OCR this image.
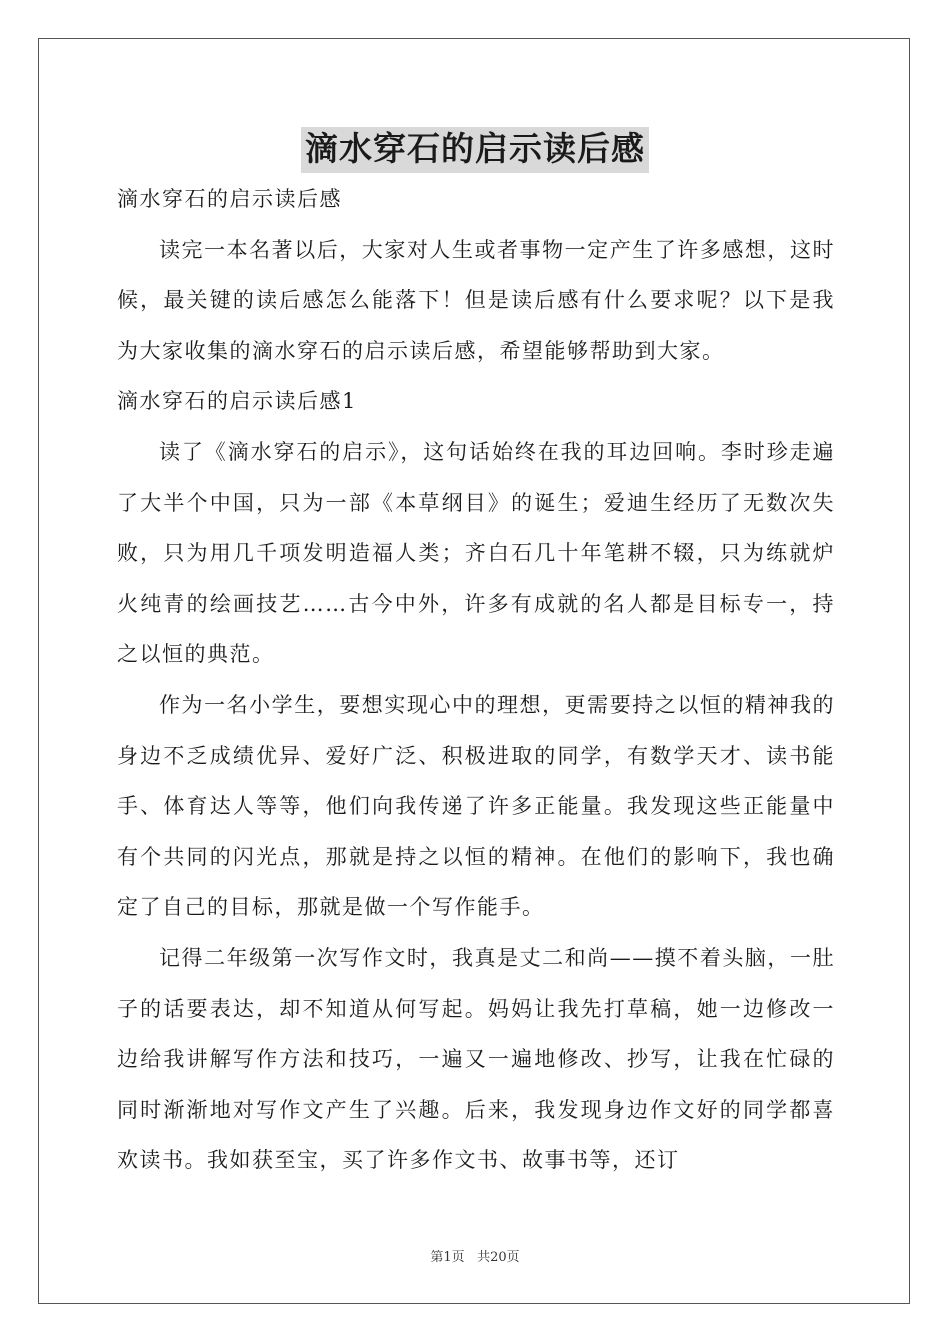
滴水穿石的启示读后感

滴水穿石的启示读后感

读完一本名著以后，大家对人生或者事物一定产生了许多感想，这时候，最关键的读后感怎么能落下！但是读后感有什么要求呢？以下是我为大家收集的滴水穿石的启示读后感，希望能够帮助到大家。

滴水穿石的启示读后感1

读了《滴水穿石的启示》，这句话始终在我的耳边回响。李时珍走遍了大半个中国，只为一部《本草纲目》的诞生；爱迪生经历了无数次失败，只为用几千项发明造福人类；齐白石几十年笔耕不辍，只为练就炉火纯青的绘画技艺……古今中外，许多有成就的名人都是目标专一，持之以恒的典范。

作为一名小学生，要想实现心中的理想，更需要持之以恒的精神我的身边不乏成绩优异、爱好广泛、积极进取的同学，有数学天才、读书能手、体育达人等等，他们向我传递了许多正能量。我发现这些正能量中有个共同的闪光点，那就是持之以恒的精神。在他们的影响下，我也确定了自己的目标，那就是做一个写作能手。

记得二年级第一次写作文时，我真是丈二和尚——摸不着头脑，一肚子的话要表达，却不知道从何写起。妈妈让我先打草稿，她一边修改一边给我讲解写作方法和技巧，一遍又一遍地修改、抄写，让我在忙碌的同时渐渐地对写作文产生了兴趣。后来，我发现身边作文好的同学都喜欢读书。我如获至宝，买了许多作文书、故事书等，还订

第1页 共20页
